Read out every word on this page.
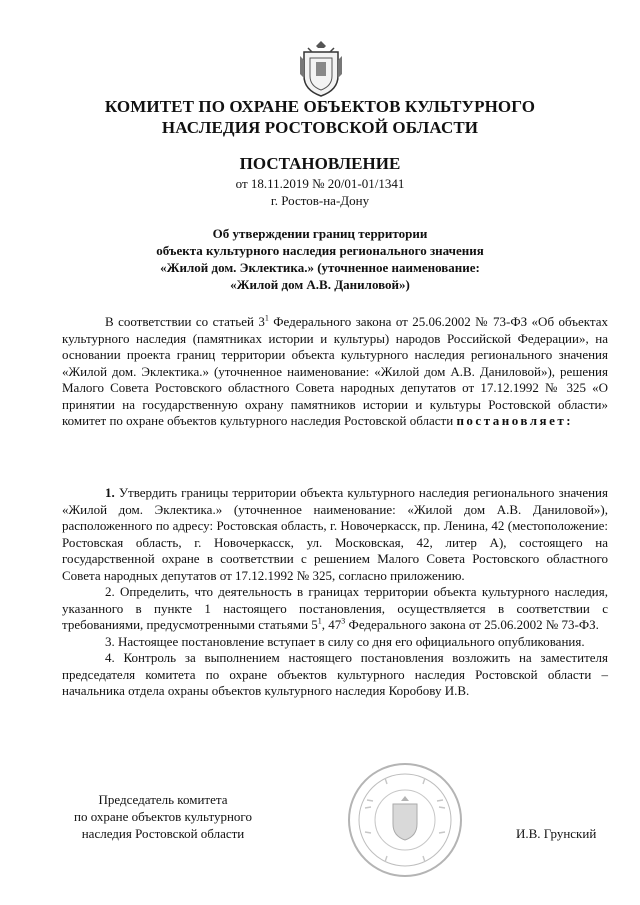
КОМИТЕТ ПО ОХРАНЕ ОБЪЕКТОВ КУЛЬТУРНОГО
НАСЛЕДИЯ РОСТОВСКОЙ ОБЛАСТИ
ПОСТАНОВЛЕНИЕ
от 18.11.2019 № 20/01-01/1341
г. Ростов-на-Дону
Об утверждении границ территории
объекта культурного наследия регионального значения
«Жилой дом. Эклектика.» (уточненное наименование:
«Жилой дом А.В. Даниловой»)

В соответствии со статьей $3^1$ Федерального закона от 25.06.2002 № 73-ФЗ «Об объектах культурного наследия (памятниках истории и культуры) народов Российской Федерации», на основании проекта границ территории объекта культурного наследия регионального значения «Жилой дом. Эклектика.» (уточненное наименование: «Жилой дом А.В. Даниловой»), решения Малого Совета Ростовского областного Совета народных депутатов от 17.12.1992 № 325 «О принятии на государственную охрану памятников истории и культуры Ростовской области» комитет по охране объектов культурного наследия Ростовской области постановляет:

1. Утвердить границы территории объекта культурного наследия регионального значения «Жилой дом. Эклектика.» (уточненное наименование: «Жилой дом А.В. Даниловой»), расположенного по адресу: Ростовская область, г. Новочеркасск, пр. Ленина, 42 (местоположение: Ростовская область, г. Новочеркасск, ул. Московская, 42, литер А), состоящего на государственной охране в соответствии с решением Малого Совета Ростовского областного Совета народных депутатов от 17.12.1992 № 325, согласно приложению.

2. Определить, что деятельность в границах территории объекта культурного наследия, указанного в пункте 1 настоящего постановления, осуществляется в соответствии с требованиями, предусмотренными статьями $5^1$, $47^3$ Федерального закона от 25.06.2002 № 73-ФЗ.

3. Настоящее постановление вступает в силу со дня его официального опубликования.

4. Контроль за выполнением настоящего постановления возложить на заместителя председателя комитета по охране объектов культурного наследия Ростовской области – начальника отдела охраны объектов культурного наследия Коробову И.В.

Председатель комитета
по охране объектов культурного
наследия Ростовской области	И.В. Грунский
